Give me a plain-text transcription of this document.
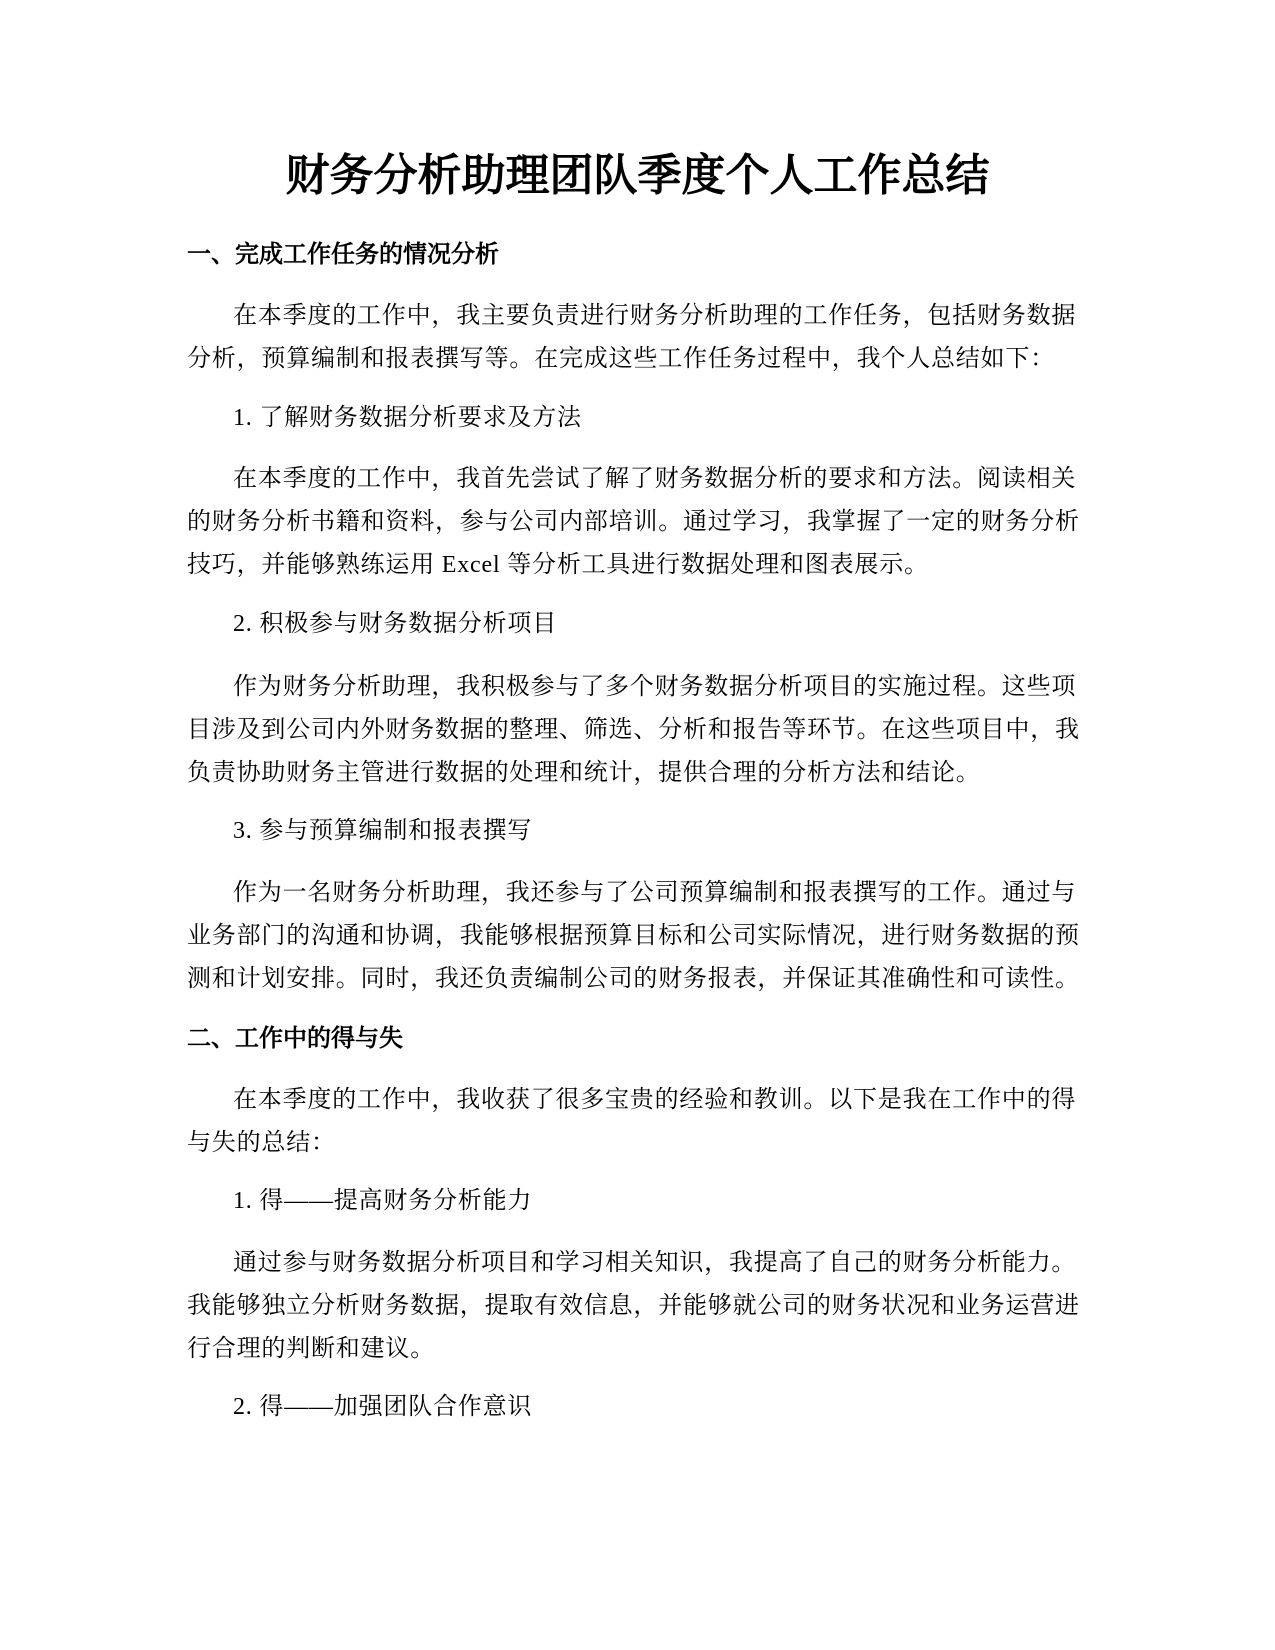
财务分析助理团队季度个人工作总结
一、完成工作任务的情况分析

在本季度的工作中，我主要负责进行财务分析助理的工作任务，包括财务数据分析，预算编制和报表撰写等。在完成这些工作任务过程中，我个人总结如下：

1. 了解财务数据分析要求及方法

在本季度的工作中，我首先尝试了解了财务数据分析的要求和方法。阅读相关的财务分析书籍和资料，参与公司内部培训。通过学习，我掌握了一定的财务分析技巧，并能够熟练运用 Excel 等分析工具进行数据处理和图表展示。

2. 积极参与财务数据分析项目

作为财务分析助理，我积极参与了多个财务数据分析项目的实施过程。这些项目涉及到公司内外财务数据的整理、筛选、分析和报告等环节。在这些项目中，我负责协助财务主管进行数据的处理和统计，提供合理的分析方法和结论。

3. 参与预算编制和报表撰写

作为一名财务分析助理，我还参与了公司预算编制和报表撰写的工作。通过与业务部门的沟通和协调，我能够根据预算目标和公司实际情况，进行财务数据的预测和计划安排。同时，我还负责编制公司的财务报表，并保证其准确性和可读性。

二、工作中的得与失

在本季度的工作中，我收获了很多宝贵的经验和教训。以下是我在工作中的得与失的总结：

1. 得——提高财务分析能力

通过参与财务数据分析项目和学习相关知识，我提高了自己的财务分析能力。我能够独立分析财务数据，提取有效信息，并能够就公司的财务状况和业务运营进行合理的判断和建议。

2. 得——加强团队合作意识
